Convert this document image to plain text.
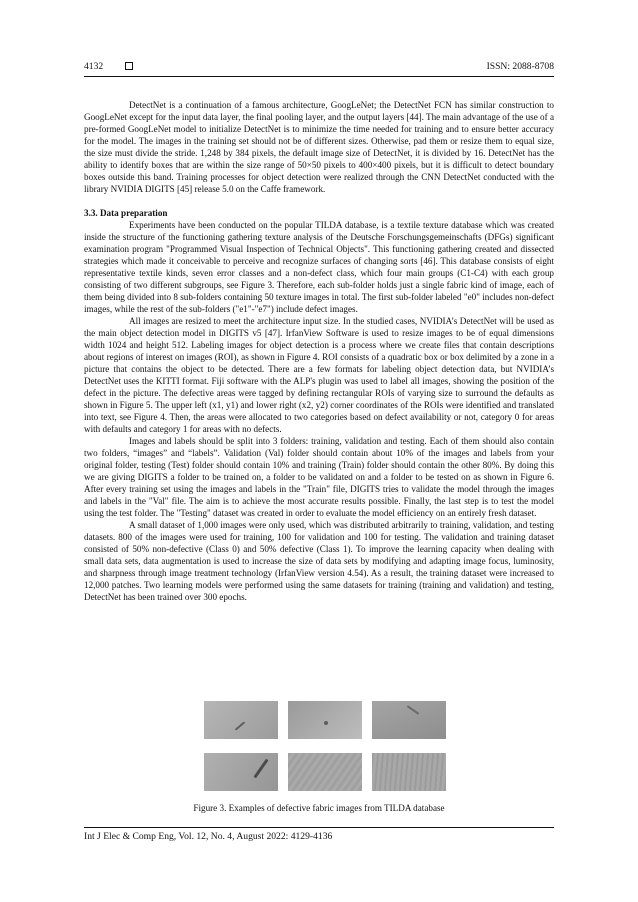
4132	ISSN: 2088-8708

DetectNet is a continuation of a famous architecture, GoogLeNet; the DetectNet FCN has similar construction to GoogLeNet except for the input data layer, the final pooling layer, and the output layers [44]. The main advantage of the use of a pre-formed GoogLeNet model to initialize DetectNet is to minimize the time needed for training and to ensure better accuracy for the model. The images in the training set should not be of different sizes. Otherwise, pad them or resize them to equal size, the size must divide the stride. 1,248 by 384 pixels, the default image size of DetectNet, it is divided by 16. DetectNet has the ability to identify boxes that are within the size range of 50×50 pixels to 400×400 pixels, but it is difficult to detect boundary boxes outside this band. Training processes for object detection were realized through the CNN DetectNet conducted with the library NVIDIA DIGITS [45] release 5.0 on the Caffe framework.

3.3. Data preparation

Experiments have been conducted on the popular TILDA database, is a textile texture database which was created inside the structure of the functioning gathering texture analysis of the Deutsche Forschungsgemeinschafts (DFGs) significant examination program "Programmed Visual Inspection of Technical Objects". This functioning gathering created and dissected strategies which made it conceivable to perceive and recognize surfaces of changing sorts [46]. This database consists of eight representative textile kinds, seven error classes and a non-defect class, which four main groups (C1-C4) with each group consisting of two different subgroups, see Figure 3. Therefore, each sub-folder holds just a single fabric kind of image, each of them being divided into 8 sub-folders containing 50 texture images in total. The first sub-folder labeled "e0" includes non-defect images, while the rest of the sub-folders ("e1"-"e7") include defect images.

All images are resized to meet the architecture input size. In the studied cases, NVIDIA’s DetectNet will be used as the main object detection model in DIGITS v5 [47]. IrfanView Software is used to resize images to be of equal dimensions width 1024 and height 512. Labeling images for object detection is a process where we create files that contain descriptions about regions of interest on images (ROI), as shown in Figure 4. ROI consists of a quadratic box or box delimited by a zone in a picture that contains the object to be detected. There are a few formats for labeling object detection data, but NVIDIA’s DetectNet uses the KITTI format. Fiji software with the ALP's plugin was used to label all images, showing the position of the defect in the picture. The defective areas were tagged by defining rectangular ROIs of varying size to surround the defaults as shown in Figure 5. The upper left (x1, y1) and lower right (x2, y2) corner coordinates of the ROIs were identified and translated into text, see Figure 4. Then, the areas were allocated to two categories based on defect availability or not, category 0 for areas with defaults and category 1 for areas with no defects.

Images and labels should be split into 3 folders: training, validation and testing. Each of them should also contain two folders, “images” and “labels”. Validation (Val) folder should contain about 10% of the images and labels from your original folder, testing (Test) folder should contain 10% and training (Train) folder should contain the other 80%. By doing this we are giving DIGITS a folder to be trained on, a folder to be validated on and a folder to be tested on as shown in Figure 6. After every training set using the images and labels in the "Train" file, DIGITS tries to validate the model through the images and labels in the "Val" file. The aim is to achieve the most accurate results possible. Finally, the last step is to test the model using the test folder. The "Testing" dataset was created in order to evaluate the model efficiency on an entirely fresh dataset.

A small dataset of 1,000 images were only used, which was distributed arbitrarily to training, validation, and testing datasets. 800 of the images were used for training, 100 for validation and 100 for testing. The validation and training dataset consisted of 50% non-defective (Class 0) and 50% defective (Class 1). To improve the learning capacity when dealing with small data sets, data augmentation is used to increase the size of data sets by modifying and adapting image focus, luminosity, and sharpness through image treatment technology (IrfanView version 4.54). As a result, the training dataset were increased to 12,000 patches. Two learning models were performed using the same datasets for training (training and validation) and testing, DetectNet has been trained over 300 epochs.

Figure 3. Examples of defective fabric images from TILDA database
Int J Elec & Comp Eng, Vol. 12, No. 4, August 2022: 4129-4136
